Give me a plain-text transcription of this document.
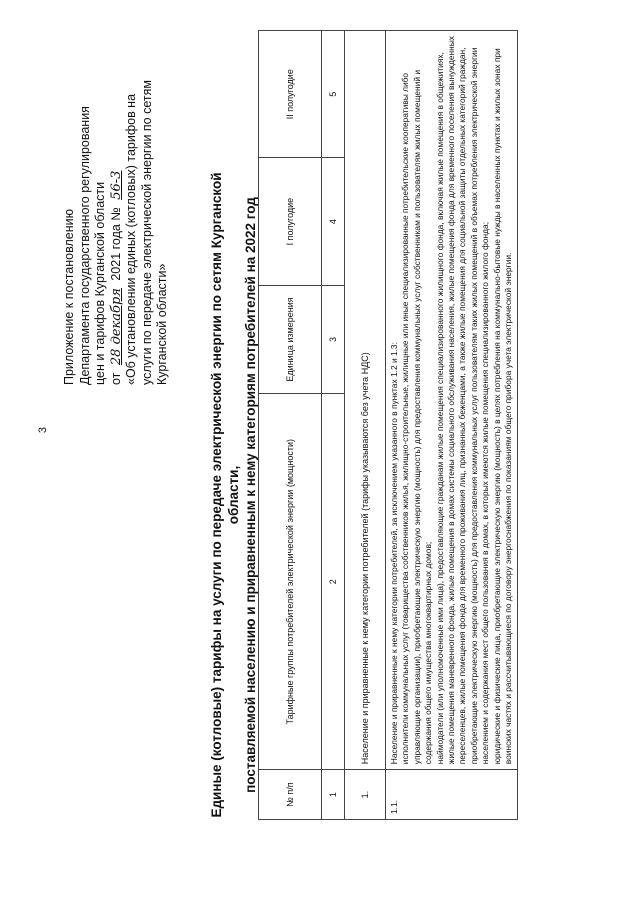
3
Приложение к постановлению Департамента государственного регулирования цен и тарифов Курганской области от 28 декабря 2021 года № 56-3 «Об установлении единых (котловых) тарифов на услуги по передаче электрической энергии по сетям Курганской области»	Единые (котловые) тарифы на услуги по передаче электрической энергии по сетям Курганской области, поставляемой населению и приравненным к нему категориям потребителей на 2022 год
№ п/п	Тарифные группы потребителей электрической энергии (мощности)	Единица измерения	I полугодие	II полугодие
1	2	3	4	5
1.	Население и приравненные к нему категории потребителей (тарифы указываются без учета НДС)			
1.1.	Население и приравненные к нему категории потребителей, за исключением указанного в пунктах 1.2 и 1.3: исполнители коммунальных услуг (товарищества собственников жилья, жилищно-строительные, жилищные или иные специализированные потребительские кооперативы либо управляющие организации), приобретающие электрическую энергию (мощность) для предоставления коммунальных услуг собственникам и пользователям жилых помещений и содержания общего имущества многоквартирных домов; наймодатели (или уполномоченные ими лица), предоставляющие гражданам жилые помещения специализированного жилищного фонда, включая жилые помещения в общежитиях, жилые помещения маневренного фонда, жилые помещения в домах системы социального обслуживания населения, жилые помещения фонда для временного поселения вынужденных переселенцев, жилые помещения фонда для временного проживания лиц, признанных беженцами, а также жилые помещения для социальной защиты отдельных категорий граждан, приобретающие электрическую энергию (мощность) для предоставления коммунальных услуг пользователям таких жилых помещений в объемах потребления электрической энергии населением и содержания мест общего пользования в домах, в которых имеются жилые помещения специализированного жилого фонда; юридические и физические лица, приобретающие электрическую энергию (мощность) в целях потребления на коммунально-бытовые нужды в населенных пунктах и жилых зонах при воинских частях и рассчитывающиеся по договору энергоснабжения по показаниям общего прибора учета электрической энергии.			
